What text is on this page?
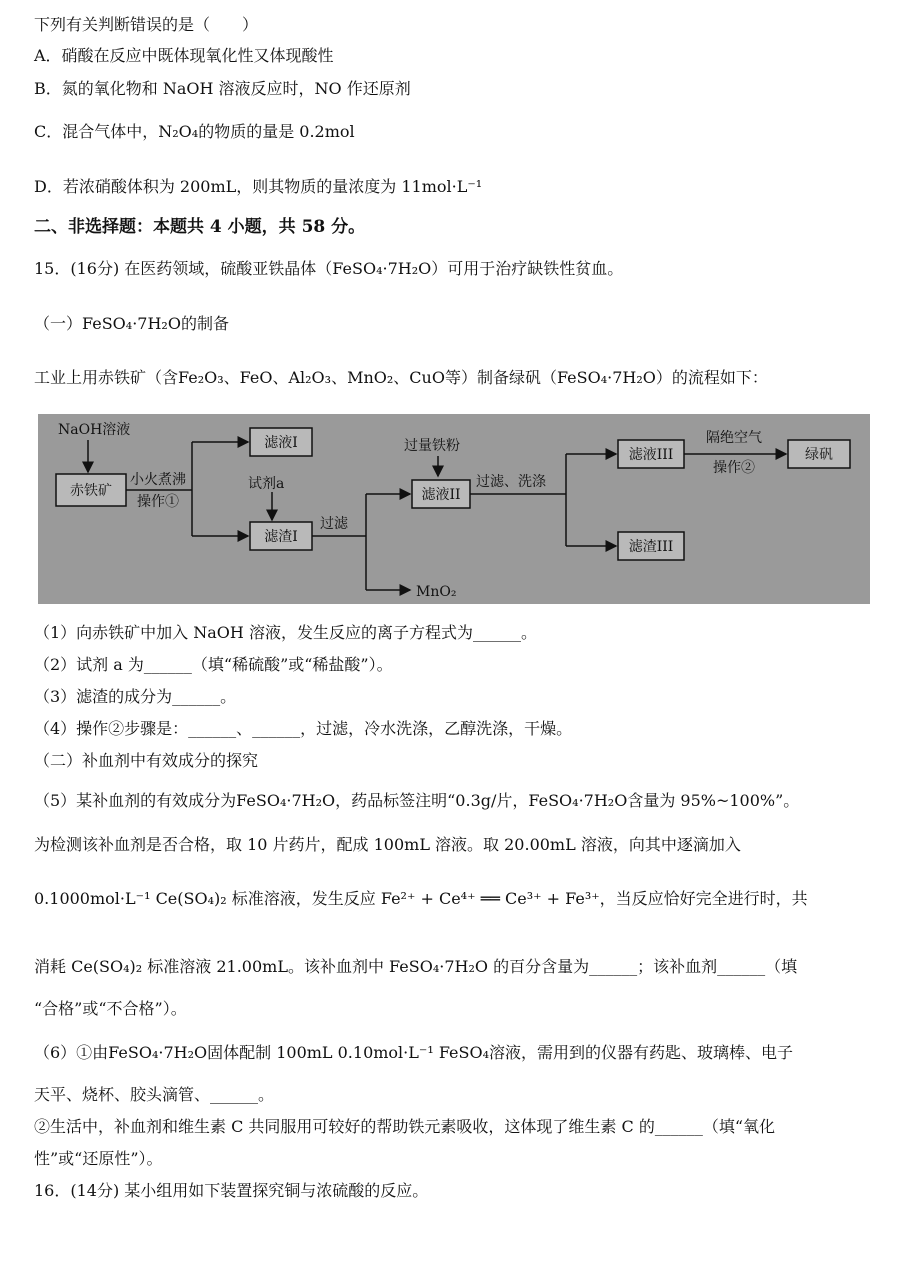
下列有关判断错误的是（　　）
A．硝酸在反应中既体现氧化性又体现酸性
B．氮的氧化物和 NaOH 溶液反应时，NO 作还原剂
C．混合气体中，N₂O₄的物质的量是 0.2mol
D．若浓硝酸体积为 200mL，则其物质的量浓度为 11mol·L⁻¹
二、非选择题：本题共 4 小题，共 58 分。
15．(16分) 在医药领域，硫酸亚铁晶体（FeSO₄·7H₂O）可用于治疗缺铁性贫血。
（一）FeSO₄·7H₂O的制备
工业上用赤铁矿（含Fe₂O₃、FeO、Al₂O₃、MnO₂、CuO等）制备绿矾（FeSO₄·7H₂O）的流程如下：
NaOH溶液
赤铁矿
小火煮沸
操作①
滤液I
试剂a
滤渣I
过滤
MnO₂
过量铁粉
滤液II
过滤、洗涤
滤液III
隔绝空气
操作②
绿矾
滤渣III
（1）向赤铁矿中加入 NaOH 溶液，发生反应的离子方程式为______。
（2）试剂 a 为______（填“稀硫酸”或“稀盐酸”）。
（3）滤渣的成分为______。
（4）操作②步骤是：______、______，过滤，冷水洗涤，乙醇洗涤，干燥。
（二）补血剂中有效成分的探究
（5）某补血剂的有效成分为FeSO₄·7H₂O，药品标签注明“0.3g/片，FeSO₄·7H₂O含量为 95%~100%”。
为检测该补血剂是否合格，取 10 片药片，配成 100mL 溶液。取 20.00mL 溶液，向其中逐滴加入
0.1000mol·L⁻¹ Ce(SO₄)₂ 标准溶液，发生反应 Fe²⁺ + Ce⁴⁺ ══ Ce³⁺ + Fe³⁺，当反应恰好完全进行时，共
消耗 Ce(SO₄)₂ 标准溶液 21.00mL。该补血剂中 FeSO₄·7H₂O 的百分含量为______；该补血剂______（填
“合格”或“不合格”）。
（6）①由FeSO₄·7H₂O固体配制 100mL 0.10mol·L⁻¹ FeSO₄溶液，需用到的仪器有药匙、玻璃棒、电子
天平、烧杯、胶头滴管、______。
②生活中，补血剂和维生素 C 共同服用可较好的帮助铁元素吸收，这体现了维生素 C 的______（填“氧化
性”或“还原性”）。
16．(14分) 某小组用如下装置探究铜与浓硫酸的反应。
